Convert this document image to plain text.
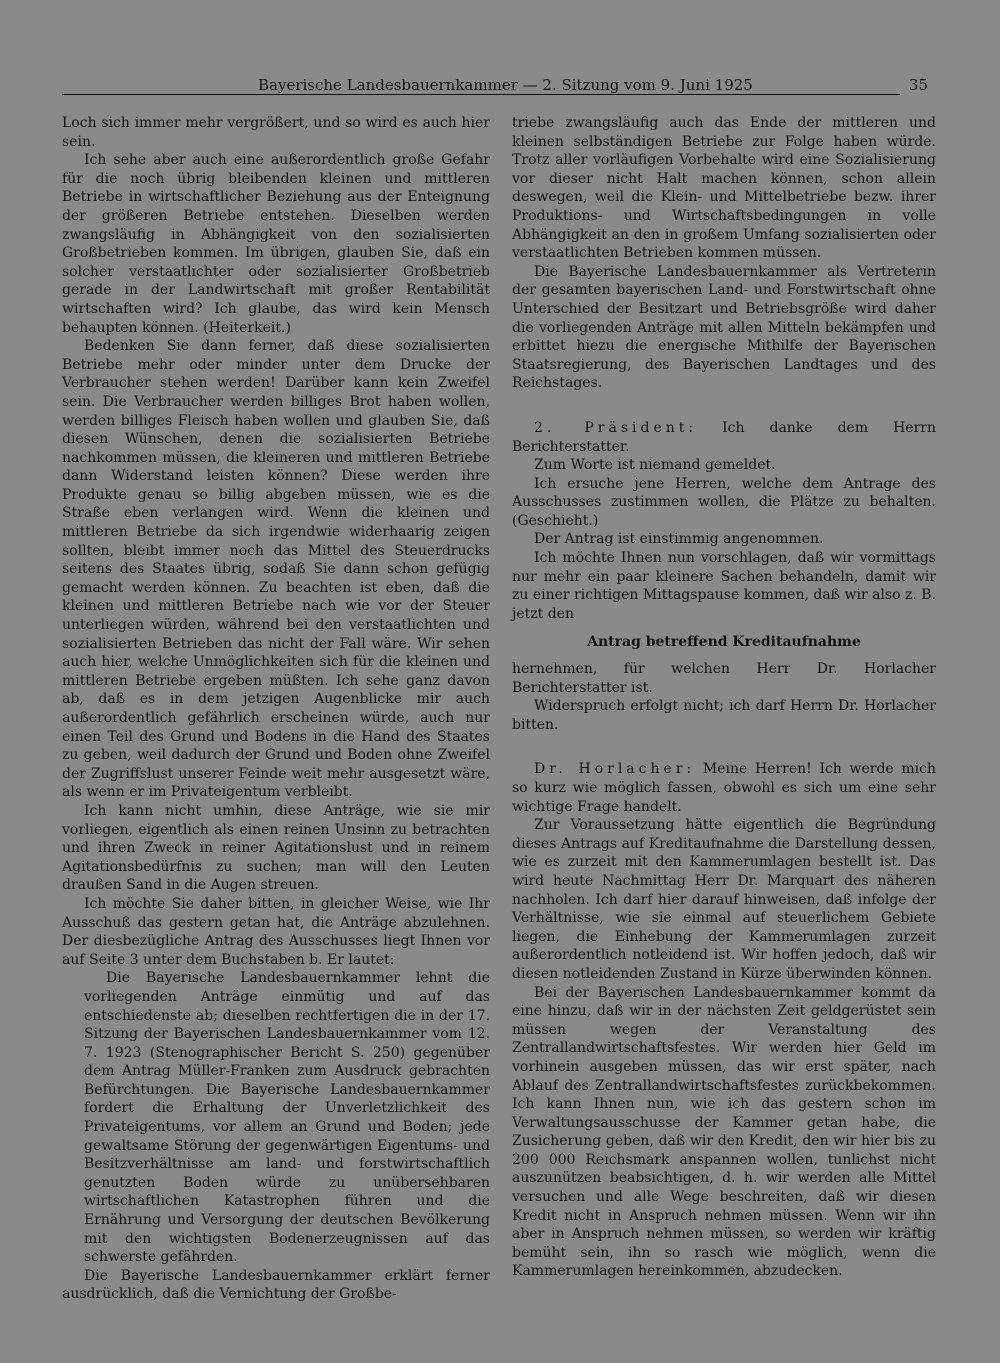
Bayerische Landesbauernkammer — 2. Sitzung vom 9. Juni 1925	35

Loch sich immer mehr vergrößert, und so wird es auch hier sein.

Ich sehe aber auch eine außerordentlich große Gefahr für die noch übrig bleibenden kleinen und mittleren Betriebe in wirtschaftlicher Beziehung aus der Enteignung der größeren Betriebe entstehen. Dieselben werden zwangsläufig in Abhängigkeit von den sozialisierten Großbetrieben kommen. Im übrigen, glauben Sie, daß ein solcher verstaatlichter oder sozialisierter Großbetrieb gerade in der Landwirtschaft mit großer Rentabilität wirtschaften wird? Ich glaube, das wird kein Mensch behaupten können. (Heiterkeit.)

Bedenken Sie dann ferner, daß diese sozialisierten Betriebe mehr oder minder unter dem Drucke der Verbraucher stehen werden! Darüber kann kein Zweifel sein. Die Verbraucher werden billiges Brot haben wollen, werden billiges Fleisch haben wollen und glauben Sie, daß diesen Wünschen, denen die sozialisierten Betriebe nachkommen müssen, die kleineren und mittleren Betriebe dann Widerstand leisten können? Diese werden ihre Produkte genau so billig abgeben müssen, wie es die Straße eben verlangen wird. Wenn die kleinen und mittleren Betriebe da sich irgendwie widerhaarig zeigen sollten, bleibt immer noch das Mittel des Steuerdrucks seitens des Staates übrig, sodaß Sie dann schon gefügig gemacht werden können. Zu beachten ist eben, daß die kleinen und mittleren Betriebe nach wie vor der Steuer unterliegen würden, während bei den verstaatlichten und sozialisierten Betrieben das nicht der Fall wäre. Wir sehen auch hier, welche Unmöglichkeiten sich für die kleinen und mittleren Betriebe ergeben müßten. Ich sehe ganz davon ab, daß es in dem jetzigen Augenblicke mir auch außerordentlich gefährlich erscheinen würde, auch nur einen Teil des Grund und Bodens in die Hand des Staates zu geben, weil dadurch der Grund und Boden ohne Zweifel der Zugriffslust unserer Feinde weit mehr ausgesetzt wäre, als wenn er im Privateigentum verbleibt.

Ich kann nicht umhin, diese Anträge, wie sie mir vorliegen, eigentlich als einen reinen Unsinn zu betrachten und ihren Zweck in reiner Agitationslust und in reinem Agitationsbedürfnis zu suchen; man will den Leuten draußen Sand in die Augen streuen.

Ich möchte Sie daher bitten, in gleicher Weise, wie Ihr Ausschuß das gestern getan hat, die Anträge abzulehnen. Der diesbezügliche Antrag des Ausschusses liegt Ihnen vor auf Seite 3 unter dem Buchstaben b. Er lautet:

Die Bayerische Landesbauernkammer lehnt die vorliegenden Anträge einmütig und auf das entschiedenste ab; dieselben rechtfertigen die in der 17. Sitzung der Bayerischen Landesbauernkammer vom 12. 7. 1923 (Stenographischer Bericht S. 250) gegenüber dem Antrag Müller-Franken zum Ausdruck gebrachten Befürchtungen. Die Bayerische Landesbauernkammer fordert die Erhaltung der Unverletzlichkeit des Privateigentums, vor allem an Grund und Boden; jede gewaltsame Störung der gegenwärtigen Eigentums- und Besitzverhältnisse am land- und forstwirtschaftlich genutzten Boden würde zu unübersehbaren wirtschaftlichen Katastrophen führen und die Ernährung und Versorgung der deutschen Bevölkerung mit den wichtigsten Bodenerzeugnissen auf das schwerste gefährden.

Die Bayerische Landesbauernkammer erklärt ferner ausdrücklich, daß die Vernichtung der Großbe-

triebe zwangsläufig auch das Ende der mittleren und kleinen selbständigen Betriebe zur Folge haben würde. Trotz aller vorläufigen Vorbehalte wird eine Sozialisierung vor dieser nicht Halt machen können, schon allein deswegen, weil die Klein- und Mittelbetriebe bezw. ihrer Produktions- und Wirtschaftsbedingungen in volle Abhängigkeit an den in großem Umfang sozialisierten oder verstaatlichten Betrieben kommen müssen.

Die Bayerische Landesbauernkammer als Vertreterin der gesamten bayerischen Land- und Forstwirtschaft ohne Unterschied der Besitzart und Betriebsgröße wird daher die vorliegenden Anträge mit allen Mitteln bekämpfen und erbittet hiezu die energische Mithilfe der Bayerischen Staatsregierung, des Bayerischen Landtages und des Reichstages.

2. Präsident: Ich danke dem Herrn Berichterstatter.

Zum Worte ist niemand gemeldet.

Ich ersuche jene Herren, welche dem Antrage des Ausschusses zustimmen wollen, die Plätze zu behalten. (Geschieht.)

Der Antrag ist einstimmig angenommen.

Ich möchte Ihnen nun vorschlagen, daß wir vormittags nur mehr ein paar kleinere Sachen behandeln, damit wir zu einer richtigen Mittagspause kommen, daß wir also z. B. jetzt den

Antrag betreffend Kreditaufnahme

hernehmen, für welchen Herr Dr. Horlacher Berichterstatter ist.

Widerspruch erfolgt nicht; ich darf Herrn Dr. Horlacher bitten.

Dr. Horlacher: Meine Herren! Ich werde mich so kurz wie möglich fassen, obwohl es sich um eine sehr wichtige Frage handelt.

Zur Voraussetzung hätte eigentlich die Begründung dieses Antrags auf Kreditaufnahme die Darstellung dessen, wie es zurzeit mit den Kammerumlagen bestellt ist. Das wird heute Nachmittag Herr Dr. Marquart des näheren nachholen. Ich darf hier darauf hinweisen, daß infolge der Verhältnisse, wie sie einmal auf steuerlichem Gebiete liegen, die Einhebung der Kammerumlagen zurzeit außerordentlich notleidend ist. Wir hoffen jedoch, daß wir diesen notleidenden Zustand in Kürze überwinden können.

Bei der Bayerischen Landesbauernkammer kommt da eine hinzu, daß wir in der nächsten Zeit geldgerüstet sein müssen wegen der Veranstaltung des Zentrallandwirtschaftsfestes. Wir werden hier Geld im vorhinein ausgeben müssen, das wir erst später, nach Ablauf des Zentrallandwirtschaftsfestes zurückbekommen. Ich kann Ihnen nun, wie ich das gestern schon im Verwaltungsausschusse der Kammer getan habe, die Zusicherung geben, daß wir den Kredit, den wir hier bis zu 200 000 Reichsmark anspannen wollen, tunlichst nicht auszunützen beabsichtigen, d. h. wir werden alle Mittel versuchen und alle Wege beschreiten, daß wir diesen Kredit nicht in Anspruch nehmen müssen. Wenn wir ihn aber in Anspruch nehmen müssen, so werden wir kräftig bemüht sein, ihn so rasch wie möglich, wenn die Kammerumlagen hereinkommen, abzudecken.
